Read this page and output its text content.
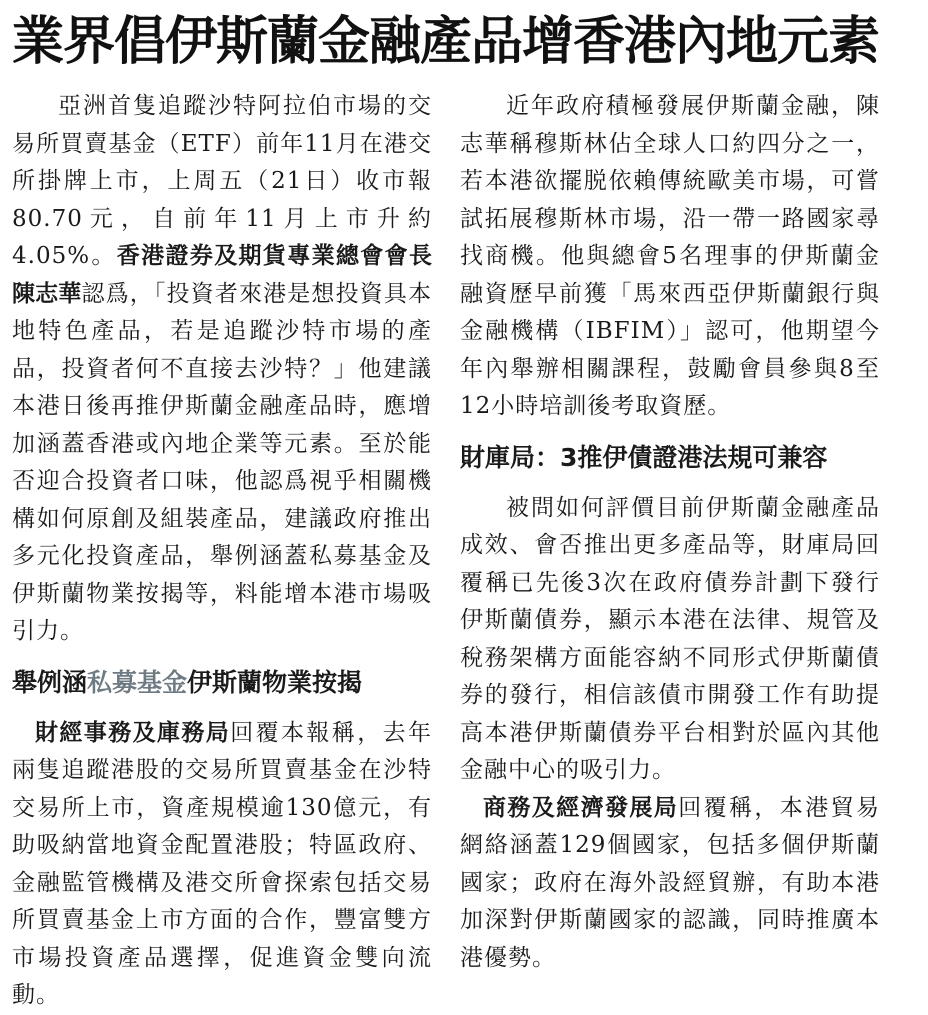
業界倡伊斯蘭金融產品增香港內地元素

亞洲首隻追蹤沙特阿拉伯市場的交易所買賣基金（ETF）前年11月在港交所掛牌上市，上周五（21日）收市報80.70元，自前年11月上市升約4.05%。香港證券及期貨專業總會會長陳志華認爲，「投資者來港是想投資具本地特色產品，若是追蹤沙特市場的產品，投資者何不直接去沙特？」他建議本港日後再推伊斯蘭金融產品時，應增加涵蓋香港或內地企業等元素。至於能否迎合投資者口味，他認爲視乎相關機構如何原創及組裝產品，建議政府推出多元化投資產品，舉例涵蓋私募基金及伊斯蘭物業按揭等，料能增本港市場吸引力。

舉例涵私募基金伊斯蘭物業按揭

財經事務及庫務局回覆本報稱，去年兩隻追蹤港股的交易所買賣基金在沙特交易所上市，資產規模逾130億元，有助吸納當地資金配置港股；特區政府、金融監管機構及港交所會探索包括交易所買賣基金上市方面的合作，豐富雙方市場投資產品選擇，促進資金雙向流動。

近年政府積極發展伊斯蘭金融，陳志華稱穆斯林佔全球人口約四分之一，若本港欲擺脱依賴傳統歐美市場，可嘗試拓展穆斯林市場，沿一帶一路國家尋找商機。他與總會5名理事的伊斯蘭金融資歷早前獲「馬來西亞伊斯蘭銀行與金融機構（IBFIM）」認可，他期望今年內舉辦相關課程，鼓勵會員參與8至12小時培訓後考取資歷。

財庫局：3推伊債證港法規可兼容

被問如何評價目前伊斯蘭金融產品成效、會否推出更多產品等，財庫局回覆稱已先後3次在政府債券計劃下發行伊斯蘭債券，顯示本港在法律、規管及稅務架構方面能容納不同形式伊斯蘭債券的發行，相信該債市開發工作有助提高本港伊斯蘭債券平台相對於區內其他金融中心的吸引力。

商務及經濟發展局回覆稱，本港貿易網絡涵蓋129個國家，包括多個伊斯蘭國家；政府在海外設經貿辦，有助本港加深對伊斯蘭國家的認識，同時推廣本港優勢。
